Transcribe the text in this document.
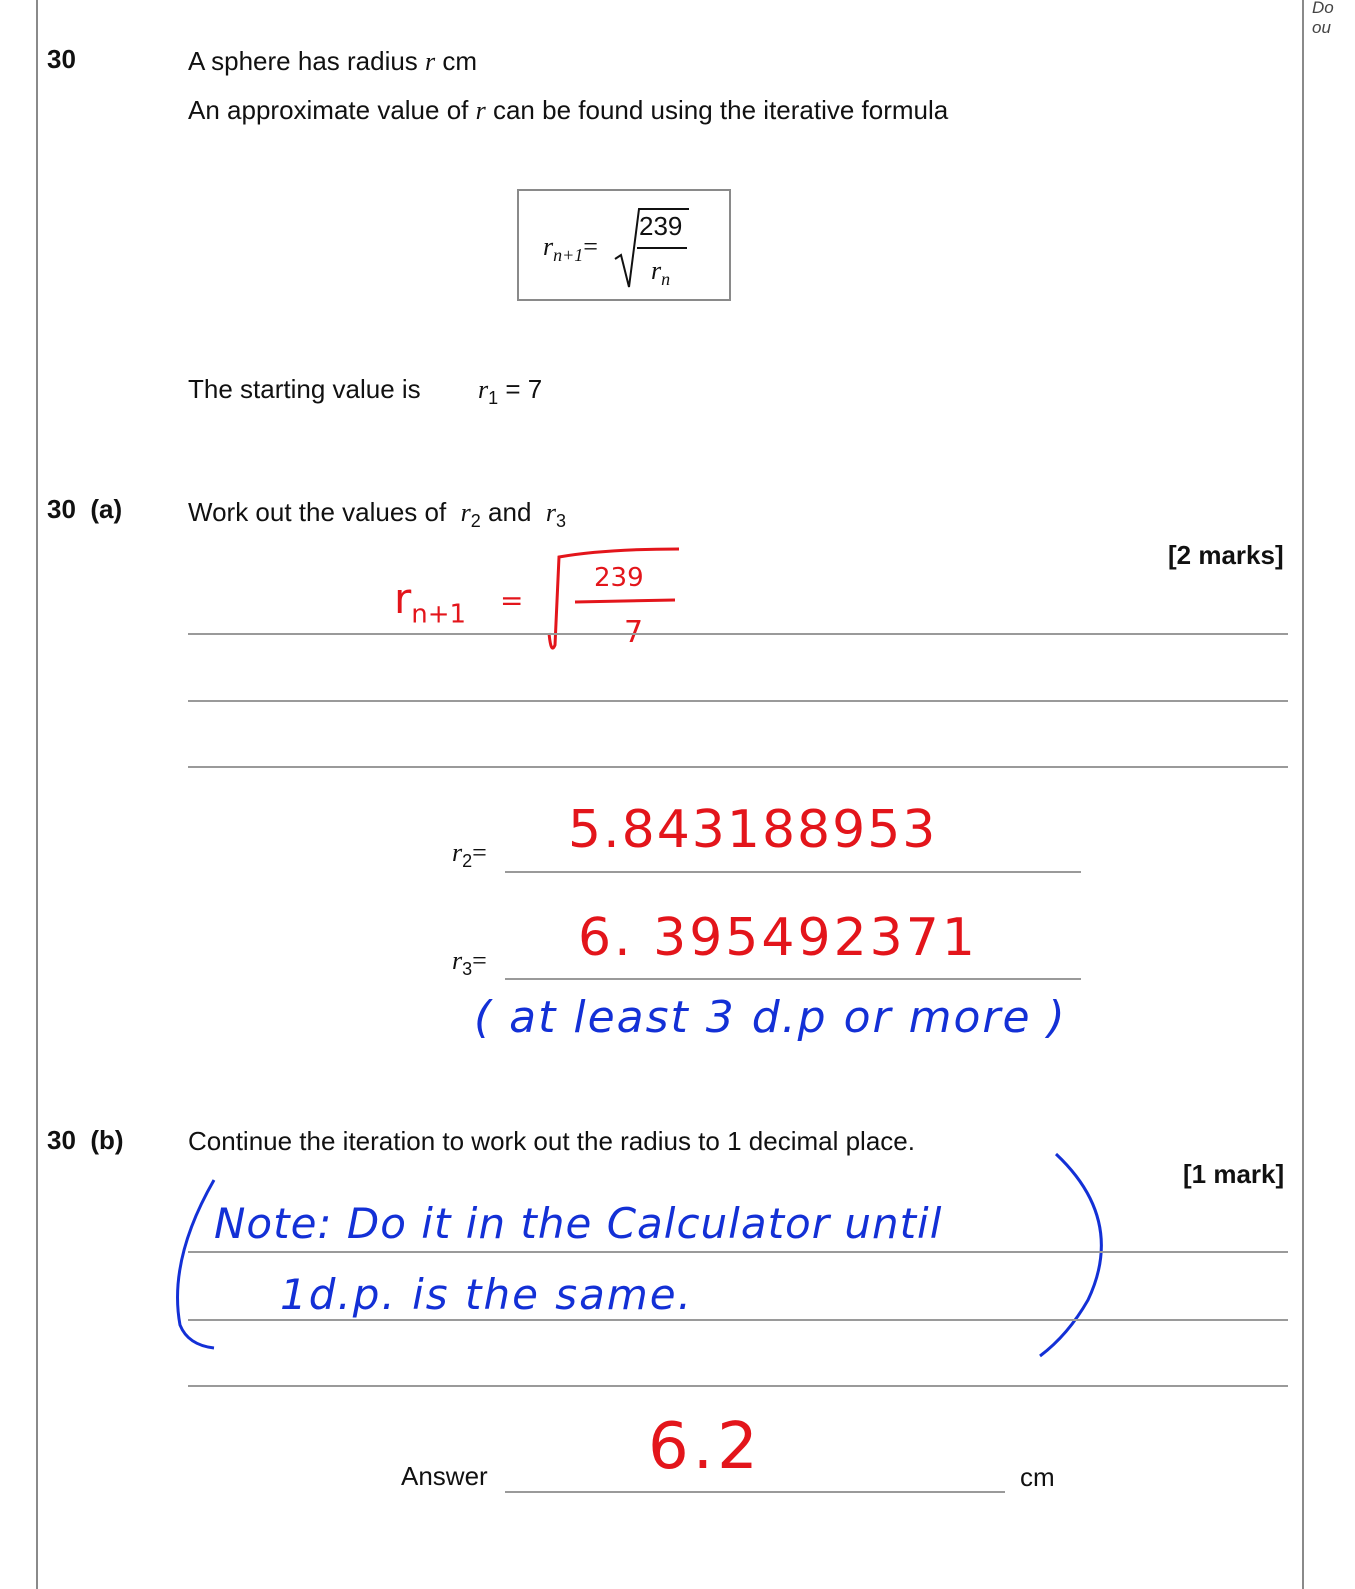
Do
ou
30	A sphere has radius r cm
An approximate value of r can be found using the iterative formula
$r_{n+1}=$
239
$r_n$
The starting value is $r_1 = 7$
30  (a)	Work out the values of $r_2$ and $r_3$
[2 marks]
$r_{n+1}$ =
239
$r_2= 5.843188953$
$r_3= 6$. 395492371
( at least 3 d.p or more )
30  (b) Continue the iteration to work out the radius to 1 decimal place.
[1 mark]
Note: Do it in the Calculator until
1d.p. is the same.
Answer	6.2	cm
